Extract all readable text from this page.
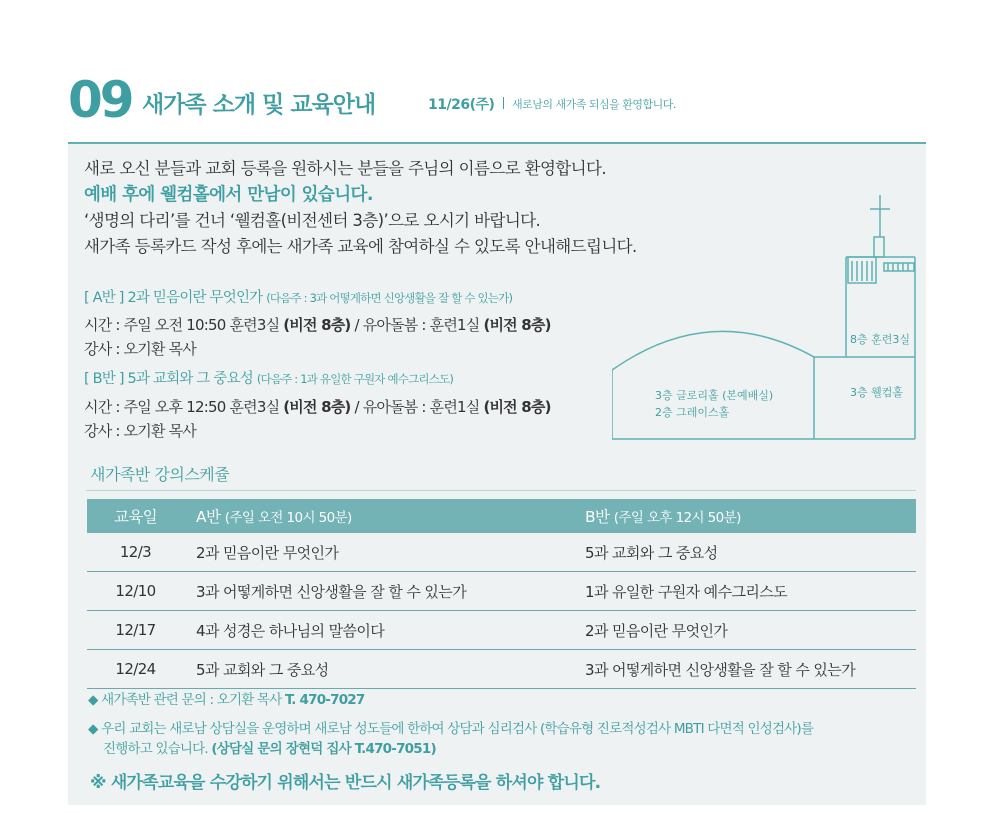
09 새가족 소개 및 교육안내	11/26(주) 새로남의 새가족 되심을 환영합니다.
새로 오신 분들과 교회 등록을 원하시는 분들을 주님의 이름으로 환영합니다.
예배 후에 웰컴홀에서 만남이 있습니다.
‘생명의 다리’를 건너 ‘웰컴홀(비전센터 3층)’으로 오시기 바랍니다.
새가족 등록카드 작성 후에는 새가족 교육에 참여하실 수 있도록 안내해드립니다.
[ A반 ] 2과 믿음이란 무엇인가 (다음주 : 3과 어떻게하면 신앙생활을 잘 할 수 있는가)
시간 : 주일 오전 10:50 훈련3실 (비전 8층) / 유아돌봄 : 훈련1실 (비전 8층)
강사 : 오기환 목사
[ B반 ] 5과 교회와 그 중요성 (다음주 : 1과 유일한 구원자 예수그리스도)
시간 : 주일 오후 12:50 훈련3실 (비전 8층) / 유아돌봄 : 훈련1실 (비전 8층)
강사 : 오기환 목사
8층 훈련3실
3층 웰컴홀
3층 글로리홀 (본예배실)
2층 그레이스홀
새가족반 강의스케쥴
교육일	A반 (주일 오전 10시 50분)	B반 (주일 오후 12시 50분)
12/3	2과 믿음이란 무엇인가	5과 교회와 그 중요성
12/10	3과 어떻게하면 신앙생활을 잘 할 수 있는가	1과 유일한 구원자 예수그리스도
12/17	4과 성경은 하나님의 말씀이다	2과 믿음이란 무엇인가
12/24	5과 교회와 그 중요성	3과 어떻게하면 신앙생활을 잘 할 수 있는가
◆ 새가족반 관련 문의 : 오기환 목사 T. 470-7027
◆ 우리 교회는 새로남 상담실을 운영하며 새로남 성도들에 한하여 상담과 심리검사 (학습유형 진로적성검사 MBTI 다면적 인성검사)를
진행하고 있습니다. (상담실 문의 장현덕 집사 T.470-7051)
※ 새가족교육을 수강하기 위해서는 반드시 새가족등록을 하셔야 합니다.
